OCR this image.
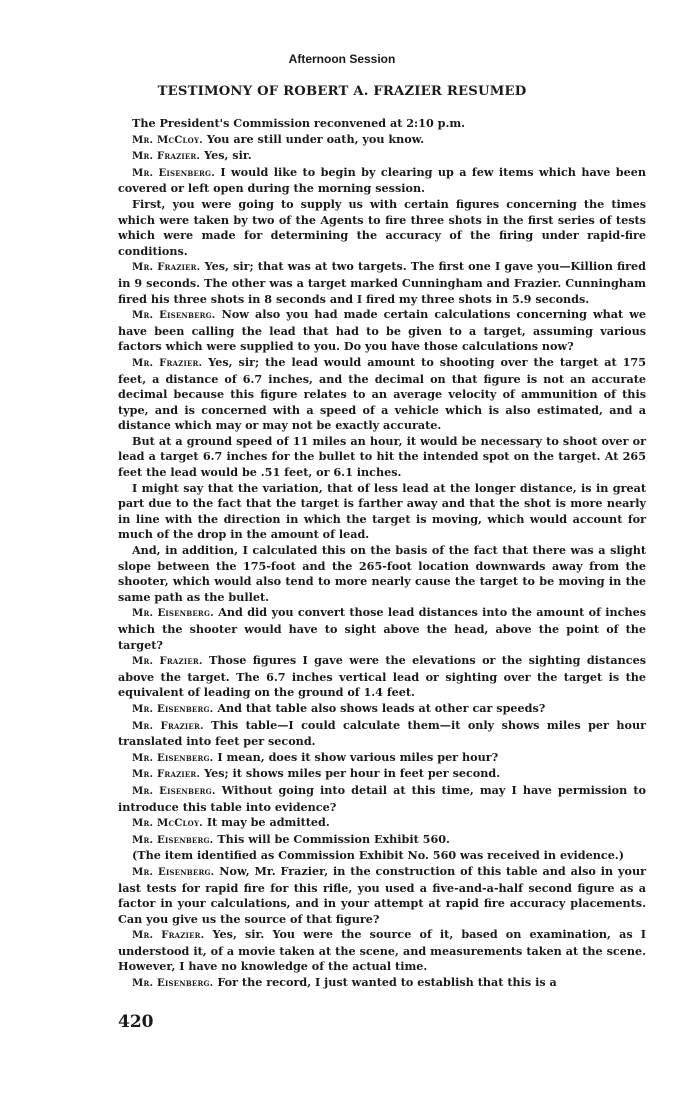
Afternoon Session
TESTIMONY OF ROBERT A. FRAZIER RESUMED

The President's Commission reconvened at 2:10 p.m.

Mr. McCloy. You are still under oath, you know.

Mr. Frazier. Yes, sir.

Mr. Eisenberg. I would like to begin by clearing up a few items which have been covered or left open during the morning session.

First, you were going to supply us with certain figures concerning the times which were taken by two of the Agents to fire three shots in the first series of tests which were made for determining the accuracy of the firing under rapid-fire conditions.

Mr. Frazier. Yes, sir; that was at two targets. The first one I gave you—Killion fired in 9 seconds. The other was a target marked Cunningham and Frazier. Cunningham fired his three shots in 8 seconds and I fired my three shots in 5.9 seconds.

Mr. Eisenberg. Now also you had made certain calculations concerning what we have been calling the lead that had to be given to a target, assuming various factors which were supplied to you. Do you have those calculations now?

Mr. Frazier. Yes, sir; the lead would amount to shooting over the target at 175 feet, a distance of 6.7 inches, and the decimal on that figure is not an accurate decimal because this figure relates to an average velocity of ammunition of this type, and is concerned with a speed of a vehicle which is also estimated, and a distance which may or may not be exactly accurate.

But at a ground speed of 11 miles an hour, it would be necessary to shoot over or lead a target 6.7 inches for the bullet to hit the intended spot on the target. At 265 feet the lead would be .51 feet, or 6.1 inches.

I might say that the variation, that of less lead at the longer distance, is in great part due to the fact that the target is farther away and that the shot is more nearly in line with the direction in which the target is moving, which would account for much of the drop in the amount of lead.

And, in addition, I calculated this on the basis of the fact that there was a slight slope between the 175-foot and the 265-foot location downwards away from the shooter, which would also tend to more nearly cause the target to be moving in the same path as the bullet.

Mr. Eisenberg. And did you convert those lead distances into the amount of inches which the shooter would have to sight above the head, above the point of the target?

Mr. Frazier. Those figures I gave were the elevations or the sighting distances above the target. The 6.7 inches vertical lead or sighting over the target is the equivalent of leading on the ground of 1.4 feet.

Mr. Eisenberg. And that table also shows leads at other car speeds?

Mr. Frazier. This table—I could calculate them—it only shows miles per hour translated into feet per second.

Mr. Eisenberg. I mean, does it show various miles per hour?

Mr. Frazier. Yes; it shows miles per hour in feet per second.

Mr. Eisenberg. Without going into detail at this time, may I have permission to introduce this table into evidence?

Mr. McCloy. It may be admitted.

Mr. Eisenberg. This will be Commission Exhibit 560.

(The item identified as Commission Exhibit No. 560 was received in evidence.)

Mr. Eisenberg. Now, Mr. Frazier, in the construction of this table and also in your last tests for rapid fire for this rifle, you used a five-and-a-half second figure as a factor in your calculations, and in your attempt at rapid fire accuracy placements. Can you give us the source of that figure?

Mr. Frazier. Yes, sir. You were the source of it, based on examination, as I understood it, of a movie taken at the scene, and measurements taken at the scene. However, I have no knowledge of the actual time.

Mr. Eisenberg. For the record, I just wanted to establish that this is a

420
